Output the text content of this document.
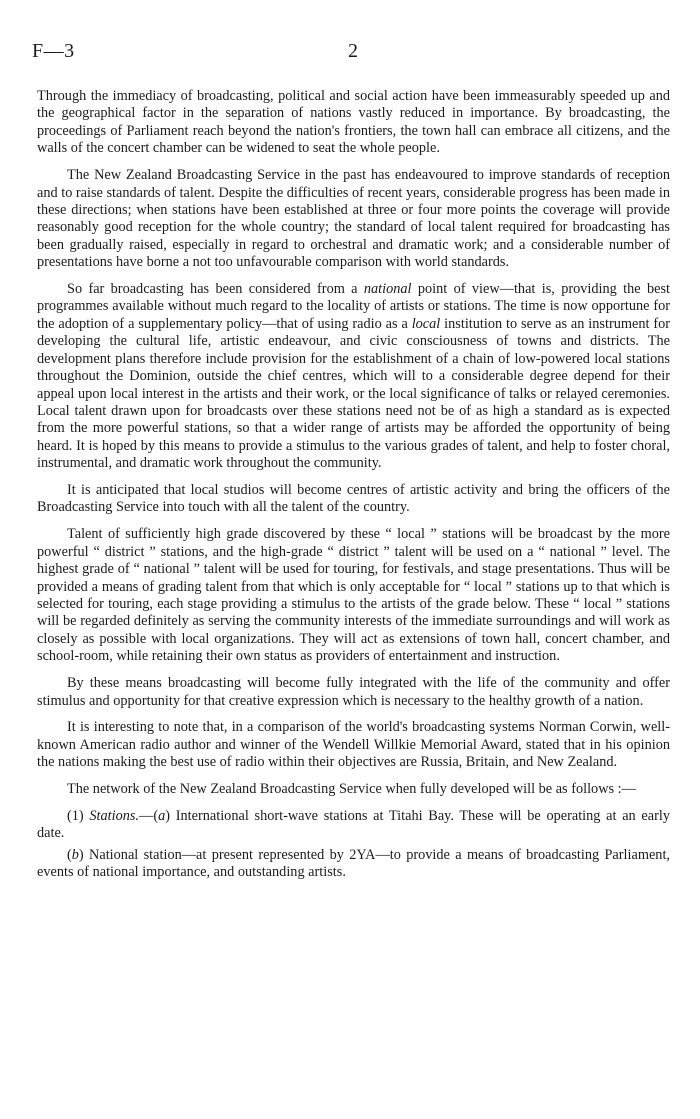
F—3	2

Through the immediacy of broadcasting, political and social action have been immeasurably speeded up and the geographical factor in the separation of nations vastly reduced in importance. By broadcasting, the proceedings of Parliament reach beyond the nation's frontiers, the town hall can embrace all citizens, and the walls of the concert chamber can be widened to seat the whole people.

The New Zealand Broadcasting Service in the past has endeavoured to improve standards of reception and to raise standards of talent. Despite the difficulties of recent years, considerable progress has been made in these directions; when stations have been established at three or four more points the coverage will provide reasonably good reception for the whole country; the standard of local talent required for broadcasting has been gradually raised, especially in regard to orchestral and dramatic work; and a considerable number of presentations have borne a not too unfavourable comparison with world standards.

So far broadcasting has been considered from a national point of view—that is, providing the best programmes available without much regard to the locality of artists or stations. The time is now opportune for the adoption of a supplementary policy—that of using radio as a local institution to serve as an instrument for developing the cultural life, artistic endeavour, and civic consciousness of towns and districts. The development plans therefore include provision for the establishment of a chain of low-powered local stations throughout the Dominion, outside the chief centres, which will to a considerable degree depend for their appeal upon local interest in the artists and their work, or the local significance of talks or relayed ceremonies. Local talent drawn upon for broadcasts over these stations need not be of as high a standard as is expected from the more powerful stations, so that a wider range of artists may be afforded the opportunity of being heard. It is hoped by this means to provide a stimulus to the various grades of talent, and help to foster choral, instrumental, and dramatic work throughout the community.

It is anticipated that local studios will become centres of artistic activity and bring the officers of the Broadcasting Service into touch with all the talent of the country.

Talent of sufficiently high grade discovered by these “ local ” stations will be broadcast by the more powerful “ district ” stations, and the high-grade “ district ” talent will be used on a “ national ” level. The highest grade of “ national ” talent will be used for touring, for festivals, and stage presentations. Thus will be provided a means of grading talent from that which is only acceptable for “ local ” stations up to that which is selected for touring, each stage providing a stimulus to the artists of the grade below. These “ local ” stations will be regarded definitely as serving the community interests of the immediate surroundings and will work as closely as possible with local organizations. They will act as extensions of town hall, concert chamber, and school-room, while retaining their own status as providers of entertainment and instruction.

By these means broadcasting will become fully integrated with the life of the community and offer stimulus and opportunity for that creative expression which is necessary to the healthy growth of a nation.

It is interesting to note that, in a comparison of the world's broadcasting systems Norman Corwin, well-known American radio author and winner of the Wendell Willkie Memorial Award, stated that in his opinion the nations making the best use of radio within their objectives are Russia, Britain, and New Zealand.

The network of the New Zealand Broadcasting Service when fully developed will be as follows :—

(1) Stations.—(a) International short-wave stations at Titahi Bay. These will be operating at an early date.

(b) National station—at present represented by 2YA—to provide a means of broadcasting Parliament, events of national importance, and outstanding artists.
